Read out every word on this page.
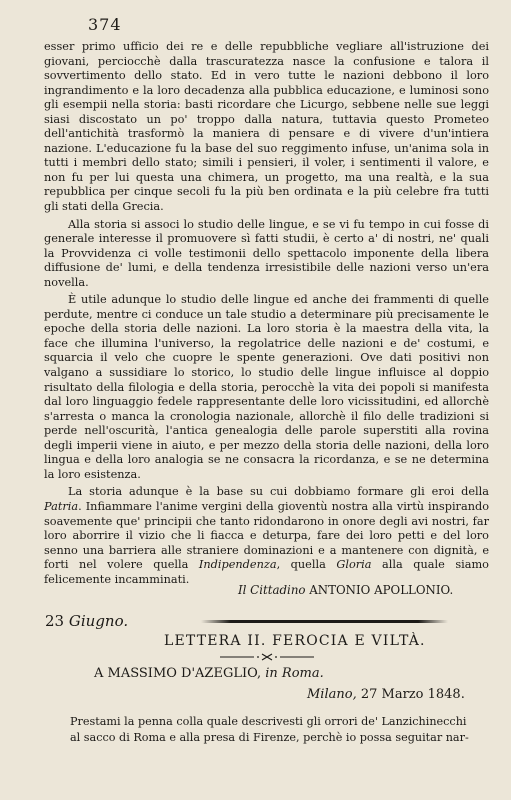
374

esser primo ufficio dei re e delle repubbliche vegliare all'istruzione dei giovani, perciocchè dalla trascuratezza nasce la confusione e talora il sovvertimento dello stato. Ed in vero tutte le nazioni debbono il loro ingrandimento e la loro decadenza alla pubblica educazione, e luminosi sono gli esempii nella storia: basti ricordare che Licurgo, sebbene nelle sue leggi siasi discostato un po' troppo dalla natura, tuttavia questo Prometeo dell'antichità trasformò la maniera di pensare e di vivere d'un'intiera nazione. L'educazione fu la base del suo reggimento infuse, un'anima sola in tutti i membri dello stato; simili i pensieri, il voler, i sentimenti il valore, e non fu per lui questa una chimera, un progetto, ma una realtà, e la sua repubblica per cinque secoli fu la più ben ordinata e la più celebre fra tutti gli stati della Grecia.

Alla storia si associ lo studio delle lingue, e se vi fu tempo in cui fosse di generale interesse il promuovere sì fatti studii, è certo a' di nostri, ne' quali la Provvidenza ci volle testimonii dello spettacolo imponente della libera diffusione de' lumi, e della tendenza irresistibile delle nazioni verso un'era novella.

È utile adunque lo studio delle lingue ed anche dei frammenti di quelle perdute, mentre ci conduce un tale studio a determinare più precisamente le epoche della storia delle nazioni. La loro storia è la maestra della vita, la face che illumina l'universo, la regolatrice delle nazioni e de' costumi, e squarcia il velo che cuopre le spente generazioni. Ove dati positivi non valgano a sussidiare lo storico, lo studio delle lingue influisce al doppio risultato della filologia e della storia, perocchè la vita dei popoli si manifesta dal loro linguaggio fedele rappresentante delle loro vicissitudini, ed allorchè s'arresta o manca la cronologia nazionale, allorchè il filo delle tradizioni si perde nell'oscurità, l'antica genealogia delle parole superstiti alla rovina degli imperii viene in aiuto, e per mezzo della storia delle nazioni, della loro lingua e della loro analogia se ne consacra la ricordanza, e se ne determina la loro esistenza.

La storia adunque è la base su cui dobbiamo formare gli eroi della Patria. Infiammare l'anime vergini della gioventù nostra alla virtù inspirando soavemente que' principii che tanto ridondarono in onore degli avi nostri, far loro aborrire il vizio che li fiacca e deturpa, fare dei loro petti e del loro senno una barriera alle straniere dominazioni e a mantenere con dignità, e forti nel volere quella Indipendenza, quella Gloria alla quale siamo felicemente incamminati.

Il Cittadino ANTONIO APOLLONIO.
23 Giugno.
LETTERA II. FEROCIA E VILTÀ.
A MASSIMO D'AZEGLIO, in Roma.
Milano, 27 Marzo 1848.

Prestami la penna colla quale descrivesti gli orrori de' Lanzichinecchi
al sacco di Roma e alla presa di Firenze, perchè io possa seguitar nar-
